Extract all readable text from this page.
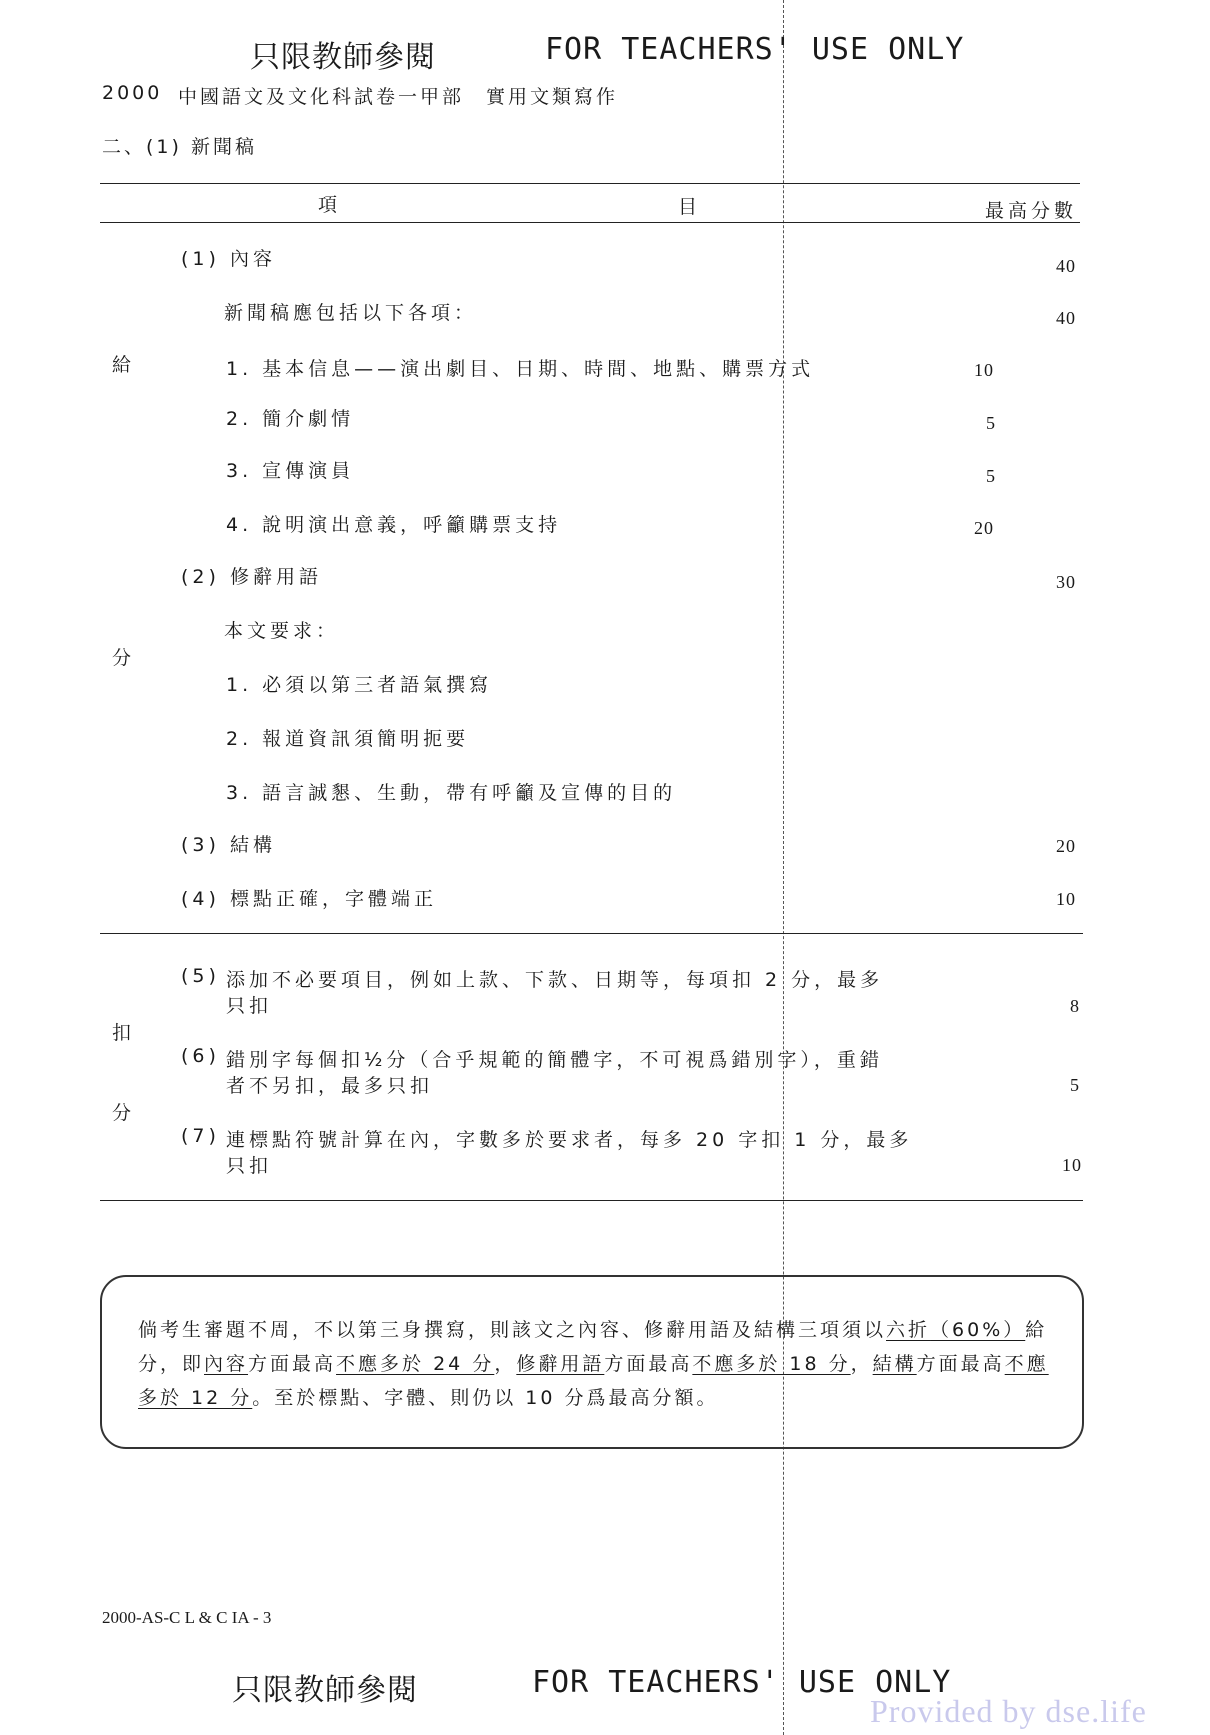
只限教師參閱	FOR TEACHERS' USE ONLY
2000 中國語文及文化科試卷一甲部　實用文類寫作
二、(1) 新聞稿
項	目	最高分數
給
分
(1) 內容	40
新聞稿應包括以下各項：	40
1. 基本信息——演出劇目、日期、時間、地點、購票方式	10
2. 簡介劇情	5
3. 宣傳演員	5
4. 說明演出意義，呼籲購票支持	20
(2) 修辭用語	30
本文要求：
1. 必須以第三者語氣撰寫
2. 報道資訊須簡明扼要
3. 語言誠懇、生動，帶有呼籲及宣傳的目的
(3) 結構	20
(4) 標點正確，字體端正	10
扣
分
(5) 添加不必要項目，例如上款、下款、日期等，每項扣 2 分，最多
只扣	8
(6) 錯別字每個扣½分（合乎規範的簡體字，不可視爲錯別字），重錯
者不另扣，最多只扣	5
(7) 連標點符號計算在內，字數多於要求者，每多 20 字扣 1 分，最多
只扣	10
倘考生審題不周，不以第三身撰寫，則該文之內容、修辭用語及結構三項須以六折（60%）給分，即內容方面最高不應多於 24 分，修辭用語方面最高不應多於 18 分，結構方面最高不應多於 12 分。至於標點、字體、則仍以 10 分爲最高分額。
2000-AS-C L & C IA - 3
只限教師參閱	FOR TEACHERS' USE ONLY
Provided by dse.life
